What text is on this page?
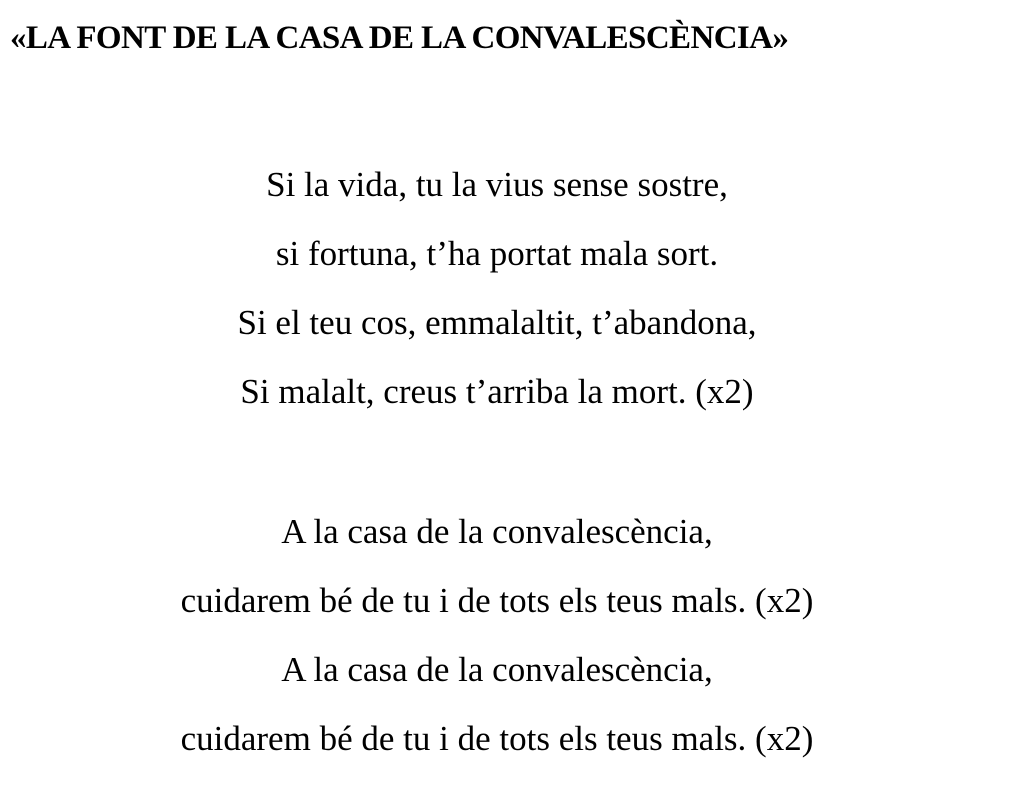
«LA FONT DE LA CASA DE LA CONVALESCÈNCIA»

Si la vida, tu la vius sense sostre,

si fortuna, t’ha portat mala sort.

Si el teu cos, emmalaltit, t’abandona,

Si malalt, creus t’arriba la mort. (x2)

A la casa de la convalescència,

cuidarem bé de tu i de tots els teus mals. (x2)

A la casa de la convalescència,

cuidarem bé de tu i de tots els teus mals. (x2)
